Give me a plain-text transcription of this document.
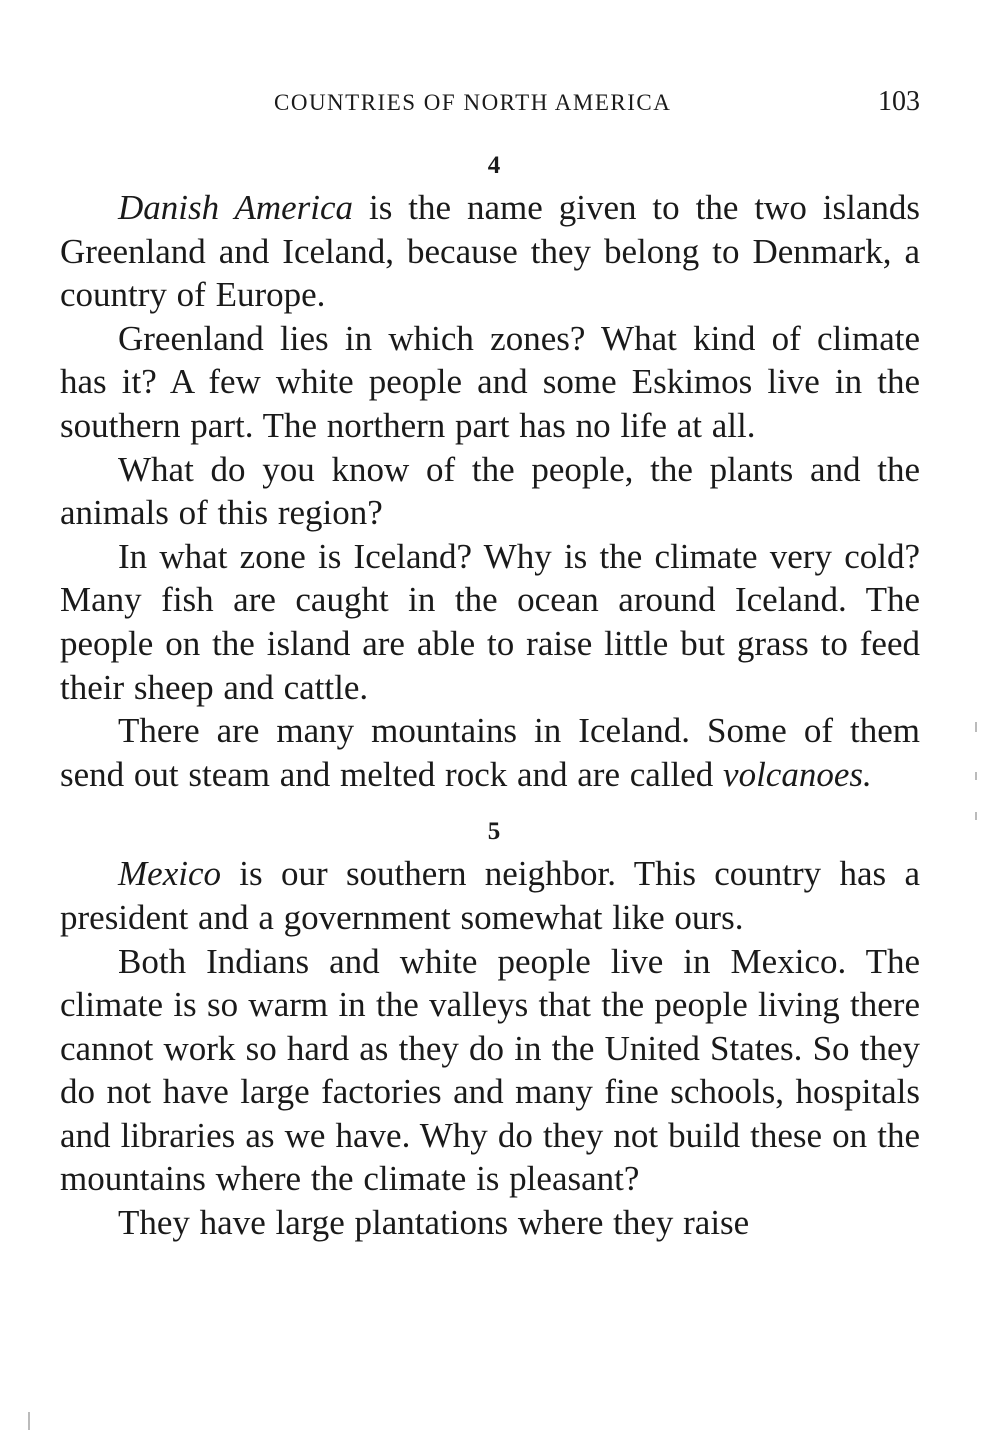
COUNTRIES OF NORTH AMERICA	103
4

Danish America is the name given to the two islands Greenland and Iceland, because they belong to Denmark, a country of Europe.

Greenland lies in which zones? What kind of climate has it? A few white people and some Eskimos live in the southern part. The northern part has no life at all.

What do you know of the people, the plants and the animals of this region?

In what zone is Iceland? Why is the climate very cold? Many fish are caught in the ocean around Iceland. The people on the island are able to raise little but grass to feed their sheep and cattle.

There are many mountains in Iceland. Some of them send out steam and melted rock and are called volcanoes.

5

Mexico is our southern neighbor. This country has a president and a government somewhat like ours.

Both Indians and white people live in Mexico. The climate is so warm in the valleys that the people living there cannot work so hard as they do in the United States. So they do not have large factories and many fine schools, hospitals and libraries as we have. Why do they not build these on the mountains where the climate is pleasant?

They have large plantations where they raise
